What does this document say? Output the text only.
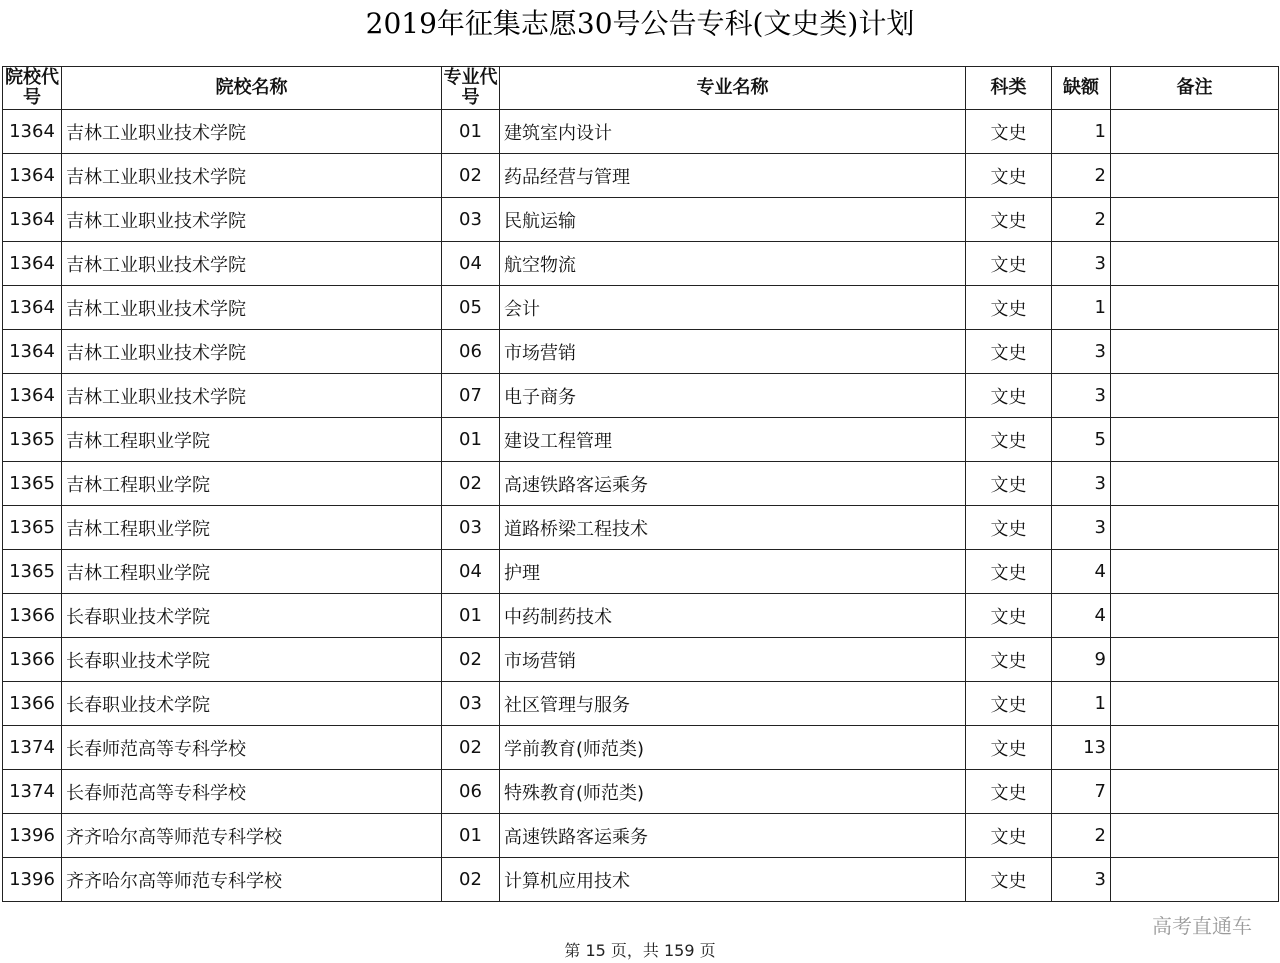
2019年征集志愿30号公告专科(文史类)计划
院校代号	院校名称	专业代号	专业名称	科类	缺额	备注
1364	吉林工业职业技术学院	01	建筑室内设计	文史	1	
1364	吉林工业职业技术学院	02	药品经营与管理	文史	2	
1364	吉林工业职业技术学院	03	民航运输	文史	2	
1364	吉林工业职业技术学院	04	航空物流	文史	3	
1364	吉林工业职业技术学院	05	会计	文史	1	
1364	吉林工业职业技术学院	06	市场营销	文史	3	
1364	吉林工业职业技术学院	07	电子商务	文史	3	
1365	吉林工程职业学院	01	建设工程管理	文史	5	
1365	吉林工程职业学院	02	高速铁路客运乘务	文史	3	
1365	吉林工程职业学院	03	道路桥梁工程技术	文史	3	
1365	吉林工程职业学院	04	护理	文史	4	
1366	长春职业技术学院	01	中药制药技术	文史	4	
1366	长春职业技术学院	02	市场营销	文史	9	
1366	长春职业技术学院	03	社区管理与服务	文史	1	
1374	长春师范高等专科学校	02	学前教育(师范类)	文史	13	
1374	长春师范高等专科学校	06	特殊教育(师范类)	文史	7	
1396	齐齐哈尔高等师范专科学校	01	高速铁路客运乘务	文史	2	
1396	齐齐哈尔高等师范专科学校	02	计算机应用技术	文史	3	
高考直通车
第 15 页，共 159 页
